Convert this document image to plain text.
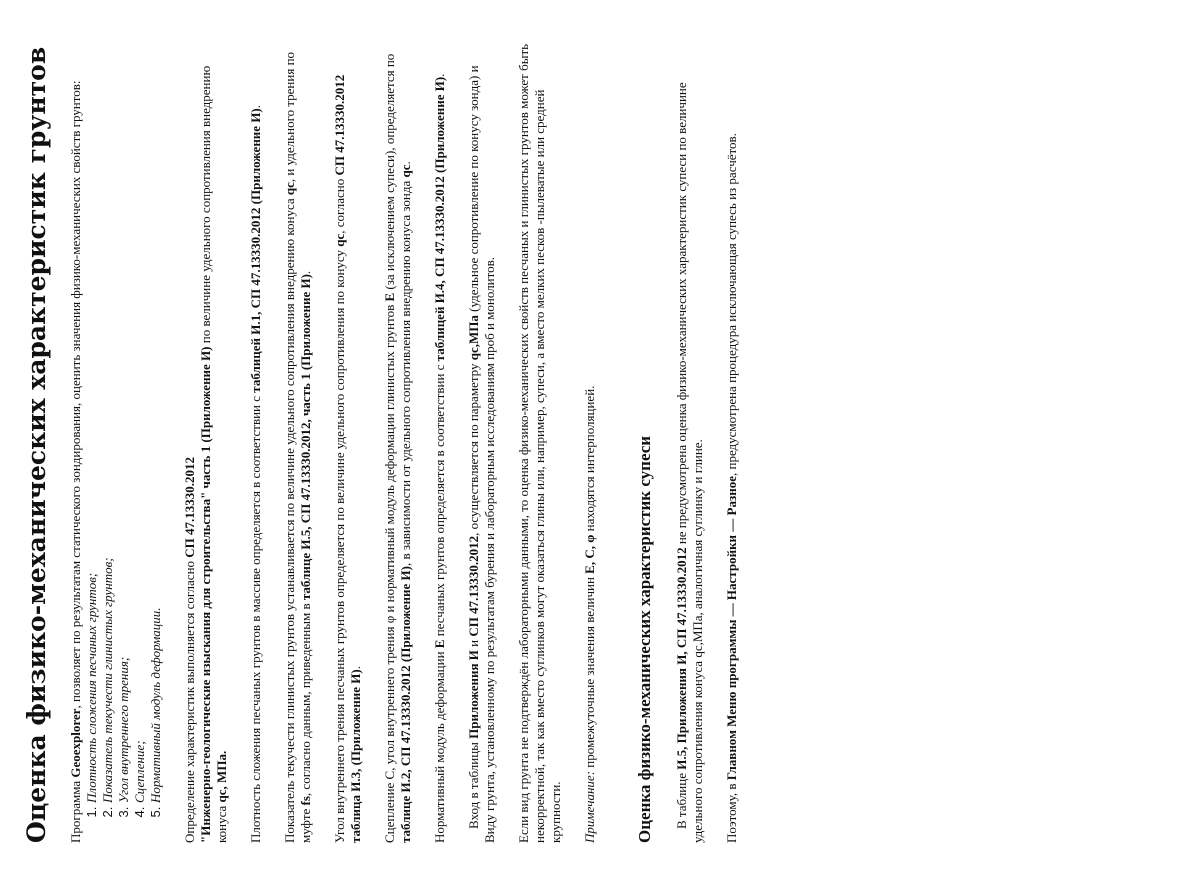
Оценка физико-механических характеристик грунтов Программа Geoexplorer, позволяет по результатам статического зондирования, оценить значения физико-механических свойств грунтов: 1. Плотность сложения песчаных грунтов; 2. Показатель текучести глинистых грунтов; 3. Угол внутреннего трения; 4. Сцепление; 5. Нормативный модуль деформации. Определение характеристик выполняется согласно СП 47.13330.2012
"Инженерно-геологические изыскания для строительства" часть 1 (Приложение И) по величине удельного сопротивления внедрению конуса qc, МПа. Плотность сложения песчаных грунтов в массиве определяется в соответствии с таблицей И.1, СП 47.13330.2012 (Приложение И).
Показатель текучести глинистых грунтов устанавливается по величине удельного сопротивления внедрению конуса qc, и удельного трения по муфте fs, согласно данным, приведенным в таблице И.5, СП 47.13330.2012, часть 1 (Приложение И). Угол внутреннего трения песчаных грунтов определяется по величине удельного сопротивления по конусу qc, согласно СП 47.13330.2012 таблица И.3, (Приложение И). Сцепление С, угол внутреннего трения φ и нормативный модуль деформации глинистых грунтов Е (за исключением супеси), определяется по таблице И.2, СП 47.13330.2012 (Приложение И), в зависимости от удельного сопротивления внедрению конуса зонда qc.
Нормативный модуль деформации Е песчаных грунтов определяется в соответствии с таблицей И.4, СП 47.13330.2012 (Приложение И).
Вход в таблицы Приложения И и СП 47.13330.2012, осуществляется по параметру qc,МПа (удельное сопротивление по конусу зонда) и Виду грунта, установленному по результатам бурения и лабораторным исследованиям проб и монолитов. Если вид грунта не подтверждён лабораторными данными, то оценка физико-механических свойств песчаных и глинистых грунтов может быть некорректной, так как вместо суглинков могут оказаться глины или, например, супеси, а вместо мелких песков -пылеватые или средней крупности. Примечание: промежуточные значения величин Е, С, φ находятся интерполяцией. Оценка физико-механических характеристик супеси В таблице И.5, Приложения И, СП 47.13330.2012 не предусмотрена оценка физико-механических характеристик супеси по величине удельного сопротивления конуса qc,МПа, аналогичная суглинку и глине. Поэтому, в Главном Меню программы — Настройки — Разное, предусмотрена процедура исключающая супесь из расчётов.
